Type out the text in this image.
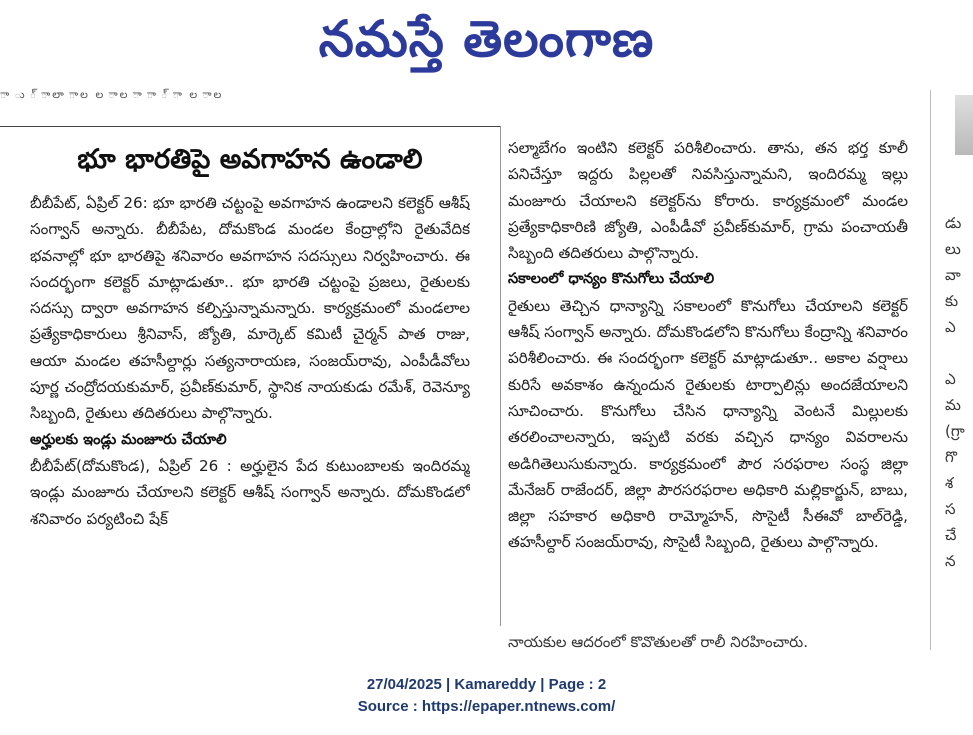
నమస్తే తెలంగాణ
ా ు ్ ాలా ాల ల ాల ా ా ్ ా ల ాల
భూ భారతిపై అవగాహన ఉండాలి

బీబీపేట్, ఏప్రిల్ 26: భూ భారతి చట్టంపై అవగాహన ఉండాలని కలెక్టర్ ఆశీష్ సంగ్వాన్ అన్నారు. బీబీపేట, దోమకొండ మండల కేంద్రాల్లోని రైతువేదిక భవనాల్లో భూ భారతిపై శనివారం అవగాహన సదస్సులు నిర్వహించారు. ఈ సందర్భంగా కలెక్టర్ మాట్లాడుతూ.. భూ భారతి చట్టంపై ప్రజలు, రైతులకు సదస్సు ద్వారా అవగాహన కల్పిస్తున్నామన్నారు. కార్యక్రమంలో మండలాల ప్రత్యేకాధికారులు శ్రీనివాస్, జ్యోతి, మార్కెట్ కమిటీ చైర్మన్ పాత రాజు, ఆయా మండల తహసీల్దార్లు సత్యనారాయణ, సంజయ్‌రావు, ఎంపీడీవోలు పూర్ణ చంద్రోదయకుమార్, ప్రవీణ్‌కుమార్, స్థానిక నాయకుడు రమేశ్, రెవెన్యూ సిబ్బంది, రైతులు తదితరులు పాల్గొన్నారు.

అర్హులకు ఇండ్లు మంజూరు చేయాలి

బీబీపేట్(దోమకొండ), ఏప్రిల్ 26 : అర్హులైన పేద కుటుంబాలకు ఇందిరమ్మ ఇండ్లు మంజూరు చేయాలని కలెక్టర్ ఆశీష్ సంగ్వాన్ అన్నారు. దోమకొండలో శనివారం పర్యటించి షేక్

సల్మాబేగం ఇంటిని కలెక్టర్ పరిశీలించారు. తాను, తన భర్త కూలీ పనిచేస్తూ ఇద్దరు పిల్లలతో నివసిస్తున్నామని, ఇందిరమ్మ ఇల్లు మంజూరు చేయాలని కలెక్టర్‌ను కోరారు. కార్యక్రమంలో మండల ప్రత్యేకాధికారిణి జ్యోతి, ఎంపీడీవో ప్రవీణ్‌కుమార్, గ్రామ పంచాయతీ సిబ్బంది తదితరులు పాల్గొన్నారు.

సకాలంలో ధాన్యం కొనుగోలు చేయాలి

రైతులు తెచ్చిన ధాన్యాన్ని సకాలంలో కొనుగోలు చేయాలని కలెక్టర్ ఆశీష్ సంగ్వాన్ అన్నారు. దోమకొండలోని కొనుగోలు కేంద్రాన్ని శనివారం పరిశీలించారు. ఈ సందర్భంగా కలెక్టర్ మాట్లాడుతూ.. అకాల వర్షాలు కురిసే అవకాశం ఉన్నందున రైతులకు టార్పాలిన్లు అందజేయాలని సూచించారు. కొనుగోలు చేసిన ధాన్యాన్ని వెంటనే మిల్లులకు తరలించాలన్నారు, ఇప్పటి వరకు వచ్చిన ధాన్యం వివరాలను అడిగితెలుసుకున్నారు. కార్యక్రమంలో పౌర సరఫరాల సంస్థ జిల్లా మేనేజర్ రాజేందర్, జిల్లా పౌరసరఫరాల అధికారి మల్లికార్జున్, బాబు, జిల్లా సహకార అధికారి రామ్మోహన్, సొసైటీ సీఈవో బాల్‌రెడ్డి, తహసీల్దార్ సంజయ్‌రావు, సొసైటీ సిబ్బంది, రైతులు పాల్గొన్నారు.

నాయకుల ఆదరంలో కొవొతులతో రాలీ నిరహించారు.
డు
లు
వా
కు
ఎ

ఎ
మ
(గ్రా
గొ
శ
స
చే
న
27/04/2025 | Kamareddy | Page : 2
Source : https://epaper.ntnews.com/
